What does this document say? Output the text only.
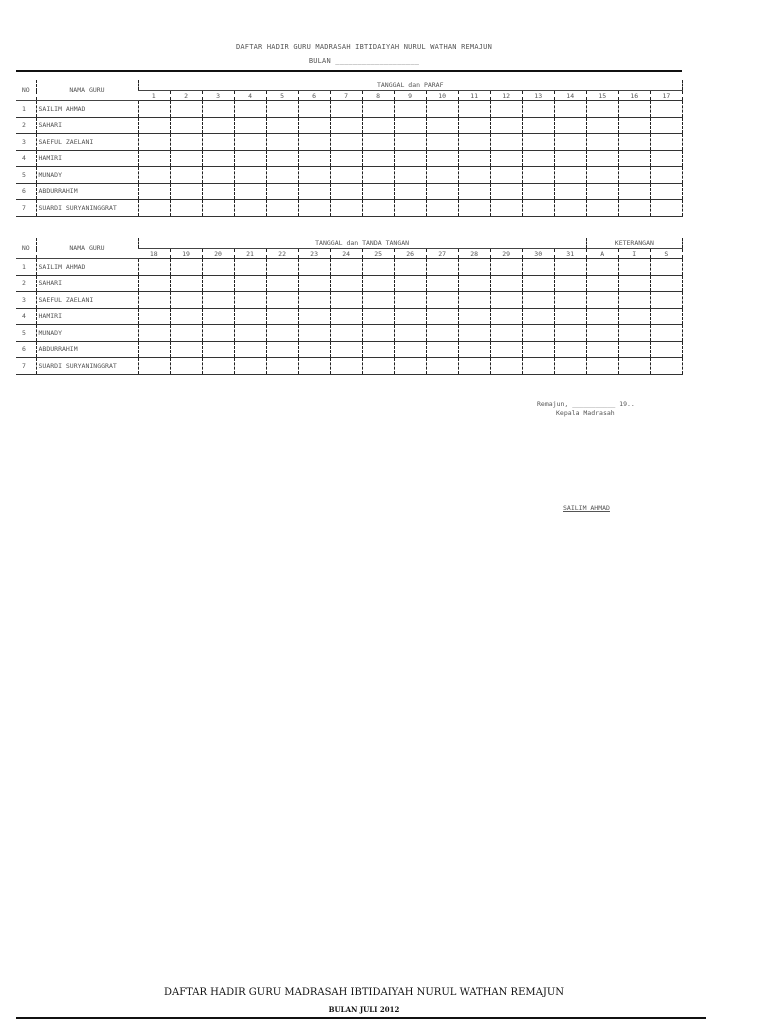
DAFTAR HADIR GURU MADRASAH IBTIDAIYAH NURUL WATHAN REMAJUN
BULAN ___________________
NO	NAMA GURU	TANGGAL dan PARAF																
		1	2	3	4	5	6	7	8	9	10	11	12	13	14	15	16	17
1	SAILIM AHMAD																	
2	SAHARI																	
3	SAEFUL ZAELANI																	
4	HAMIRI																	
5	MUNADY																	
6	ABDURRAHIM																	
7	SUARDI SURYANINGGRAT																	
NO	NAMA GURU	TANGGAL dan TANDA TANGAN														KETERANGAN		
		18	19	20	21	22	23	24	25	26	27	28	29	30	31	A	I	S
1	SAILIM AHMAD																	
2	SAHARI																	
3	SAEFUL ZAELANI																	
4	HAMIRI																	
5	MUNADY																	
6	ABDURRAHIM																	
7	SUARDI SURYANINGGRAT																	
Remajun, ___________ 19..
Kepala Madrasah
SAILIM AHMAD
DAFTAR HADIR GURU MADRASAH IBTIDAIYAH NURUL WATHAN REMAJUN
BULAN JULI 2012
